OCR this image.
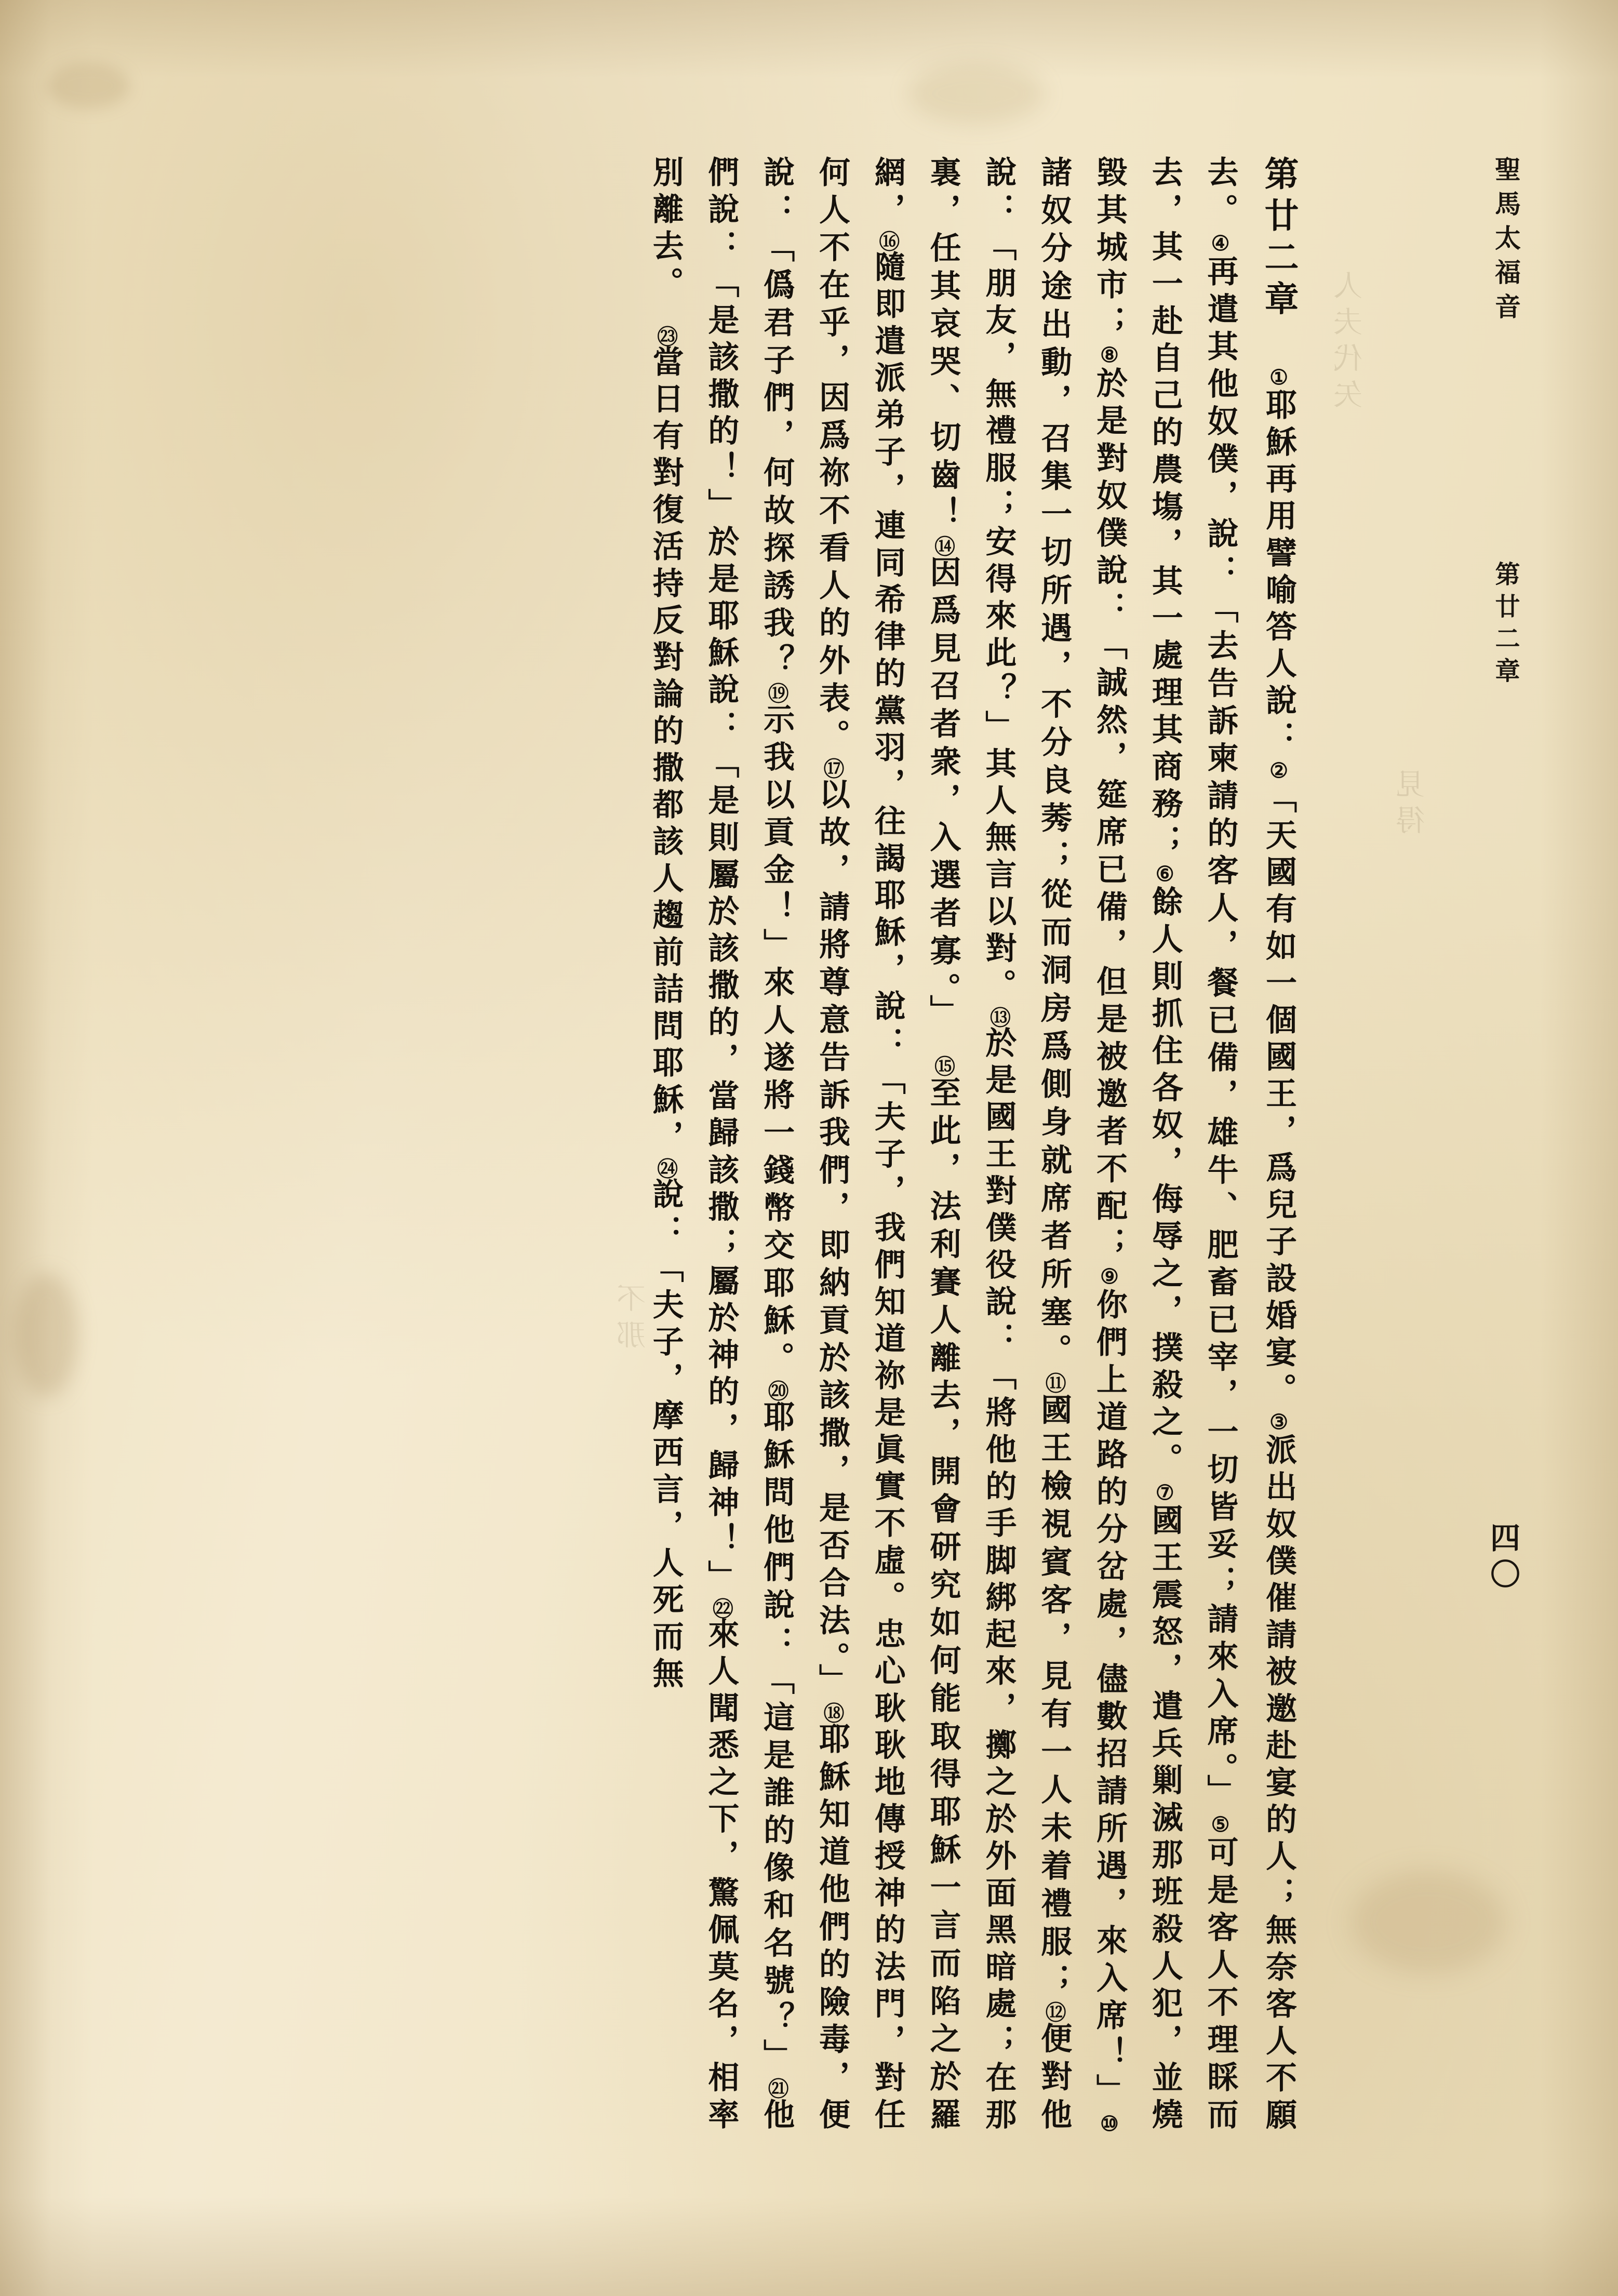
人夫代矢
見得
不那
聖馬太福音
第廿二章
四〇
第廿二章 ①耶穌再用譬喻答人說：②「天國有如一個國王，爲兒子設婚宴。③派出奴僕催請被邀赴宴的人；無奈客人不願去。④再遣其他奴僕，說：「去告訴柬請的客人，餐已備，雄牛、肥畜已宰，一切皆妥；請來入席。」⑤可是客人不理睬而去，其一赴自己的農塲，其一處理其商務；⑥餘人則抓住各奴，侮辱之，撲殺之。⑦國王震怒，遣兵剿滅那班殺人犯，並燒毀其城市；⑧於是對奴僕說：「誠然，筵席已備，但是被邀者不配；⑨你們上道路的分岔處，儘數招請所遇，來入席！」⑩諸奴分途出動，召集一切所遇，不分良莠；從而洞房爲側身就席者所塞。⑪國王檢視賓客，見有一人未着禮服；⑫便對他說：「朋友，無禮服；安得來此？」其人無言以對。⑬於是國王對僕役說：「將他的手脚綁起來，擲之於外面黑暗處；在那裏，任其哀哭、切齒！⑭因爲見召者衆，入選者寡。」　⑮至此，法利賽人離去，開會研究如何能取得耶穌一言而陷之於羅網，⑯隨即遣派弟子，連同希律的黨羽，往謁耶穌，說：「夫子，我們知道祢是眞實不虛。忠心耿耿地傳授神的法門，對任何人不在乎，因爲祢不看人的外表。⑰以故，請將尊意告訴我們，即納貢於該撒，是否合法。」⑱耶穌知道他們的險毒，便說：「僞君子們，何故探誘我？⑲示我以貢金！」來人遂將一錢幣交耶穌。⑳耶穌問他們說：「這是誰的像和名號？」㉑他們說：「是該撒的！」於是耶穌說：「是則屬於該撒的，當歸該撒；屬於神的，歸神！」㉒來人聞悉之下，驚佩莫名，相率別離去。　㉓當日有對復活持反對論的撒都該人趨前詰問耶穌，㉔說：「夫子，摩西言，人死而無
